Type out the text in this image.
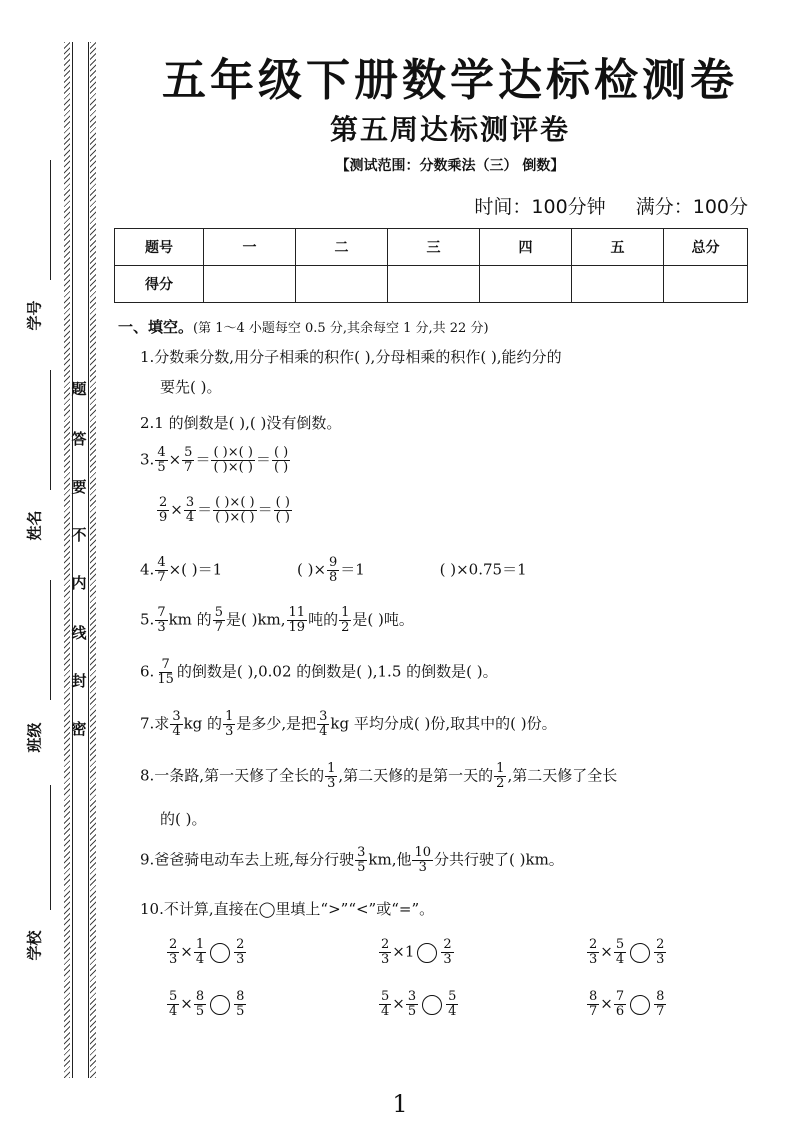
题
答
要
不
内
线
封
密
学号
姓名
班级
学校
五年级下册数学达标检测卷
第五周达标测评卷
【测试范围：分数乘法（三） 倒数】
时间：100分钟 满分：100分
题号	一	二	三	四	五	总分
得分						
一、填空。(第 1～4 小题每空 0.5 分,其余每空 1 分,共 22 分)
1.分数乘分数,用分子相乘的积作( ),分母相乘的积作( ),能约分的
要先( )。
2.1 的倒数是( ),( )没有倒数。
3. $\frac{4}{5} \times \frac{5}{7} = \frac{( )\times( )}{( )\times( )} = \frac{( )}{( )}$
$\frac{2}{9} \times \frac{3}{4} = \frac{( )\times( )}{( )\times( )} = \frac{( )}{( )}$
4. $\frac{4}{7}$ ×( )＝1	( )× $\frac{9}{8} =1$	( )×0.75＝1
5. $\frac{7}{3}$ km 的 $\frac{5}{7}$ 是( )km, $\frac{11}{19}$ 吨的 $\frac{1}{2}$ 是( )吨。
6. $\frac{7}{15}$ 的倒数是( ),0.02 的倒数是( ),1.5 的倒数是( )。
7.求 $\frac{3}{4}$ kg 的 $\frac{1}{3}$ 是多少,是把 $\frac{3}{4}$ kg 平均分成( )份,取其中的( )份。
8.一条路,第一天修了全长的 $\frac{1}{3}$ ,第二天修的是第一天的 $\frac{1}{2}$ ,第二天修了全长
的( )。
9.爸爸骑电动车去上班,每分行驶 $\frac{3}{5}$ km,他 $\frac{10}{3}$ 分共行驶了( )km。
10.不计算,直接在◯里填上“>”“<”或“=”。
$\frac{2}{3} \times \frac{1}{4} \frac{2}{3}$	$\frac{2}{3} \times 1 \frac{2}{3}$	$\frac{2}{3} \times \frac{5}{4} \frac{2}{3}$
$\frac{5}{4} \times \frac{8}{5} \frac{8}{5}$	$\frac{5}{4} \times \frac{3}{5} \frac{5}{4}$	$\frac{8}{7} \times \frac{7}{6} \frac{8}{7}$
1
